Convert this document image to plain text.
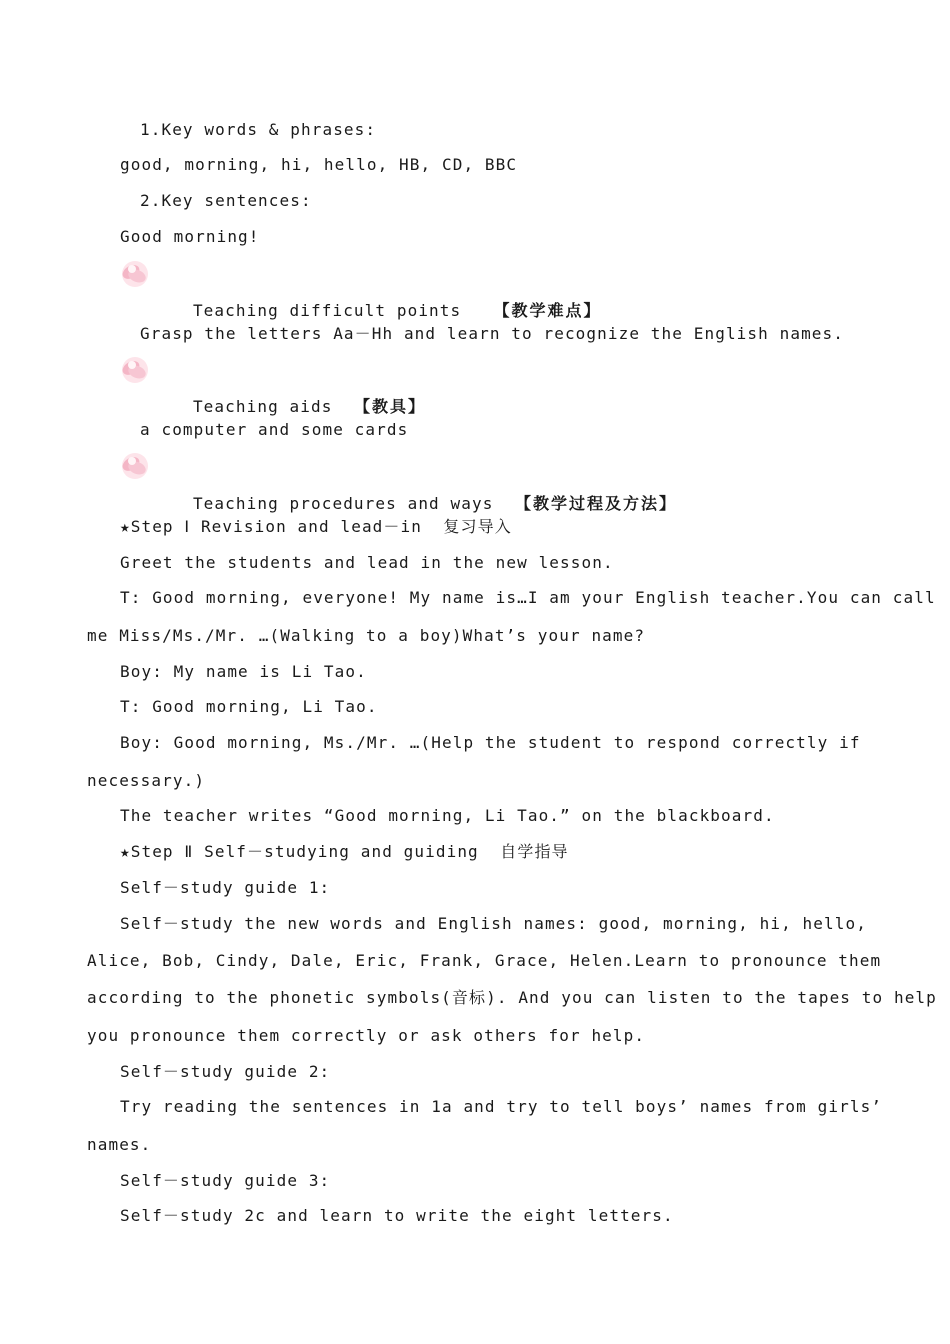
1.Key words & phrases:
good, morning, hi, hello, HB, CD, BBC
2.Key sentences:
Good morning!

Teaching difficult points 【教学难点】

Grasp the letters Aa－Hh and learn to recognize the English names.

Teaching aids 【教具】

a computer and some cards

Teaching procedures and ways 【教学过程及方法】

★Step Ⅰ Revision and lead－in  复习导入
Greet the students and lead in the new lesson.
T: Good morning, everyone! My name is…I am your English teacher.You can call
me Miss/Ms./Mr. …(Walking to a boy)What’s your name?
Boy: My name is Li Tao.
T: Good morning, Li Tao.
Boy: Good morning, Ms./Mr. …(Help the student to respond correctly if
necessary.)
The teacher writes “Good morning, Li Tao.” on the blackboard.
★Step Ⅱ Self－studying and guiding  自学指导
Self－study guide 1:
Self－study the new words and English names: good, morning, hi, hello,
Alice, Bob, Cindy, Dale, Eric, Frank, Grace, Helen.Learn to pronounce them
according to the phonetic symbols(音标). And you can listen to the tapes to help
you pronounce them correctly or ask others for help.
Self－study guide 2:
Try reading the sentences in 1a and try to tell boys’ names from girls’
names.
Self－study guide 3:
Self－study 2c and learn to write the eight letters.
